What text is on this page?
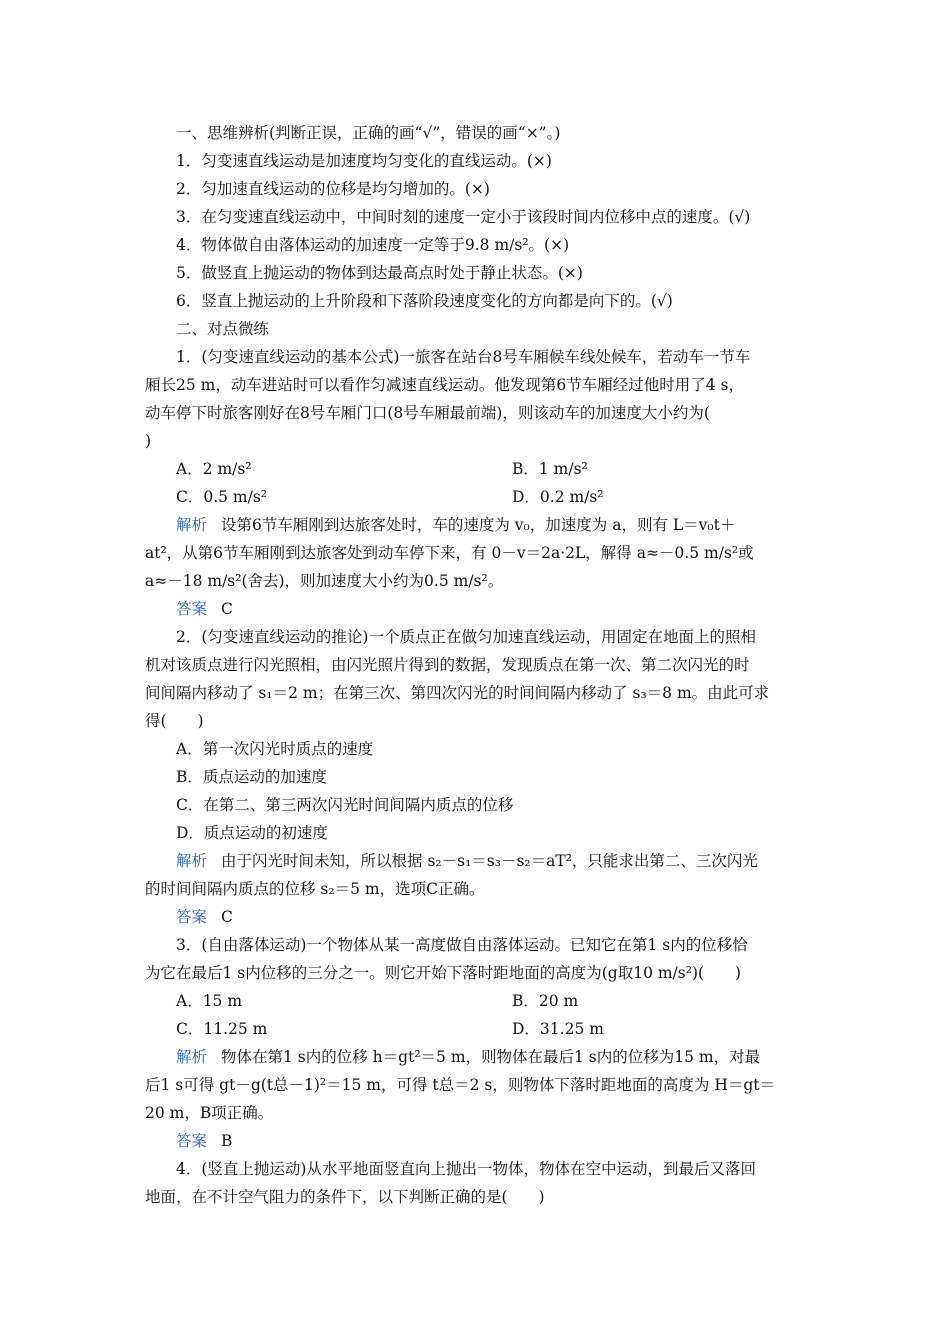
一、思维辨析(判断正误，正确的画“√”，错误的画“×”。)
1．匀变速直线运动是加速度均匀变化的直线运动。(×)
2．匀加速直线运动的位移是均匀增加的。(×)
3．在匀变速直线运动中，中间时刻的速度一定小于该段时间内位移中点的速度。(√)
4．物体做自由落体运动的加速度一定等于9.8 m/s²。(×)
5．做竖直上抛运动的物体到达最高点时处于静止状态。(×)
6．竖直上抛运动的上升阶段和下落阶段速度变化的方向都是向下的。(√)
二、对点微练
1．(匀变速直线运动的基本公式)一旅客在站台8号车厢候车线处候车，若动车一节车
厢长25 m，动车进站时可以看作匀减速直线运动。他发现第6节车厢经过他时用了4 s，
动车停下时旅客刚好在8号车厢门口(8号车厢最前端)，则该动车的加速度大小约为(
)
A．2 m/s²	B．1 m/s²
C．0.5 m/s²	D．0.2 m/s²
解析 设第6节车厢刚到达旅客处时，车的速度为 v₀，加速度为 a，则有 L＝v₀t＋
at²，从第6节车厢刚到达旅客处到动车停下来，有 0－v＝2a·2L，解得 a≈－0.5 m/s²或
a≈－18 m/s²(舍去)，则加速度大小约为0.5 m/s²。
答案 C
2．(匀变速直线运动的推论)一个质点正在做匀加速直线运动，用固定在地面上的照相
机对该质点进行闪光照相，由闪光照片得到的数据，发现质点在第一次、第二次闪光的时
间间隔内移动了 s₁＝2 m；在第三次、第四次闪光的时间间隔内移动了 s₃＝8 m。由此可求
得(　　)
A．第一次闪光时质点的速度
B．质点运动的加速度
C．在第二、第三两次闪光时间间隔内质点的位移
D．质点运动的初速度
解析 由于闪光时间未知，所以根据 s₂－s₁＝s₃－s₂＝aT²，只能求出第二、三次闪光
的时间间隔内质点的位移 s₂＝5 m，选项C正确。
答案 C
3．(自由落体运动)一个物体从某一高度做自由落体运动。已知它在第1 s内的位移恰
为它在最后1 s内位移的三分之一。则它开始下落时距地面的高度为(g取10 m/s²)(　　)
A．15 m	B．20 m
C．11.25 m	D．31.25 m
解析 物体在第1 s内的位移 h＝gt²＝5 m，则物体在最后1 s内的位移为15 m，对最
后1 s可得 gt－g(t总－1)²＝15 m，可得 t总＝2 s，则物体下落时距地面的高度为 H＝gt＝
20 m，B项正确。
答案 B
4．(竖直上抛运动)从水平地面竖直向上抛出一物体，物体在空中运动，到最后又落回
地面，在不计空气阻力的条件下，以下判断正确的是(　　)
